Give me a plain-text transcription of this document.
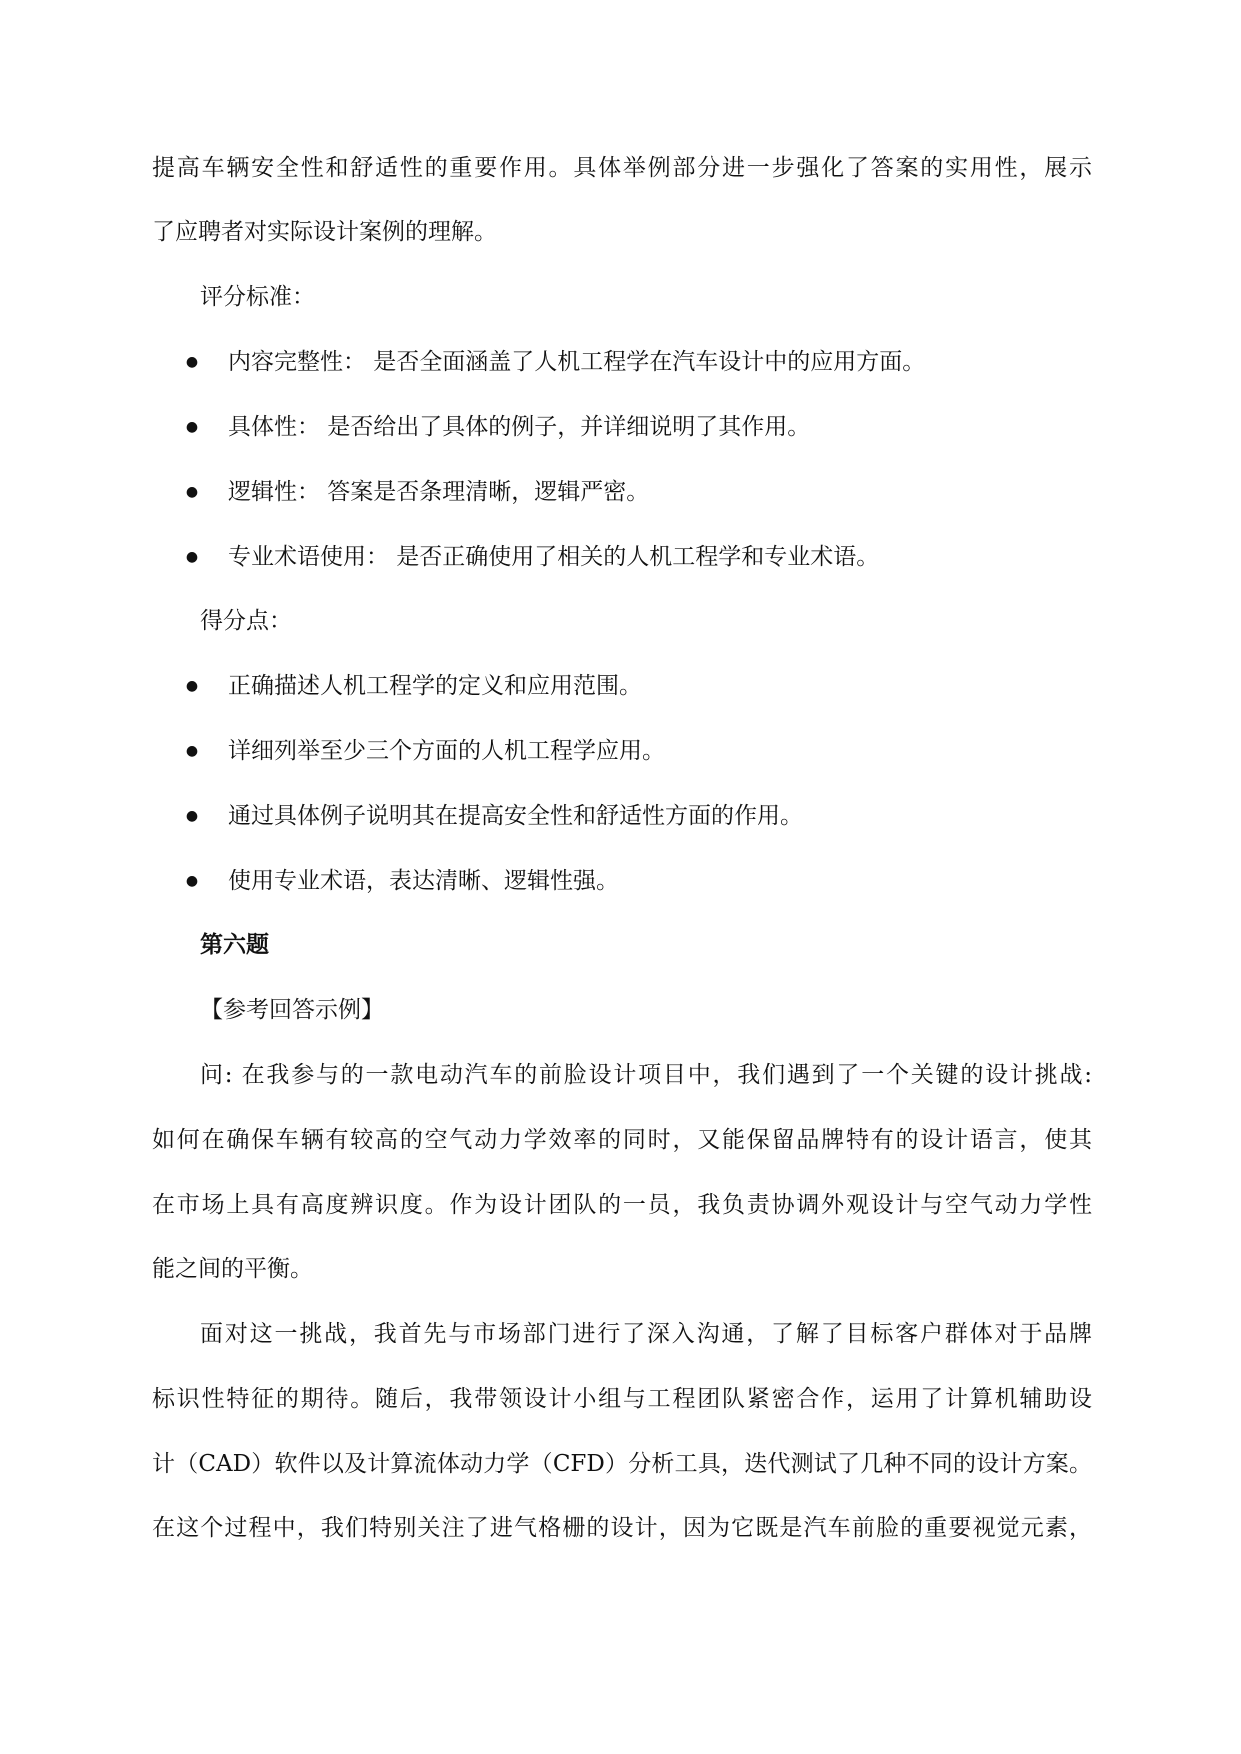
提高车辆安全性和舒适性的重要作用。具体举例部分进一步强化了答案的实用性，展示
了应聘者对实际设计案例的理解。
评分标准：
● 内容完整性： 是否全面涵盖了人机工程学在汽车设计中的应用方面。
● 具体性： 是否给出了具体的例子，并详细说明了其作用。
● 逻辑性： 答案是否条理清晰，逻辑严密。
● 专业术语使用： 是否正确使用了相关的人机工程学和专业术语。
得分点：
● 正确描述人机工程学的定义和应用范围。
● 详细列举至少三个方面的人机工程学应用。
● 通过具体例子说明其在提高安全性和舒适性方面的作用。
● 使用专业术语，表达清晰、逻辑性强。
第六题
【参考回答示例】
问: 在我参与的一款电动汽车的前脸设计项目中，我们遇到了一个关键的设计挑战:
如何在确保车辆有较高的空气动力学效率的同时，又能保留品牌特有的设计语言，使其
在市场上具有高度辨识度。作为设计团队的一员，我负责协调外观设计与空气动力学性
能之间的平衡。
面对这一挑战，我首先与市场部门进行了深入沟通，了解了目标客户群体对于品牌
标识性特征的期待。随后，我带领设计小组与工程团队紧密合作，运用了计算机辅助设
计（CAD）软件以及计算流体动力学（CFD）分析工具，迭代测试了几种不同的设计方案。
在这个过程中，我们特别关注了进气格栅的设计，因为它既是汽车前脸的重要视觉元素，
